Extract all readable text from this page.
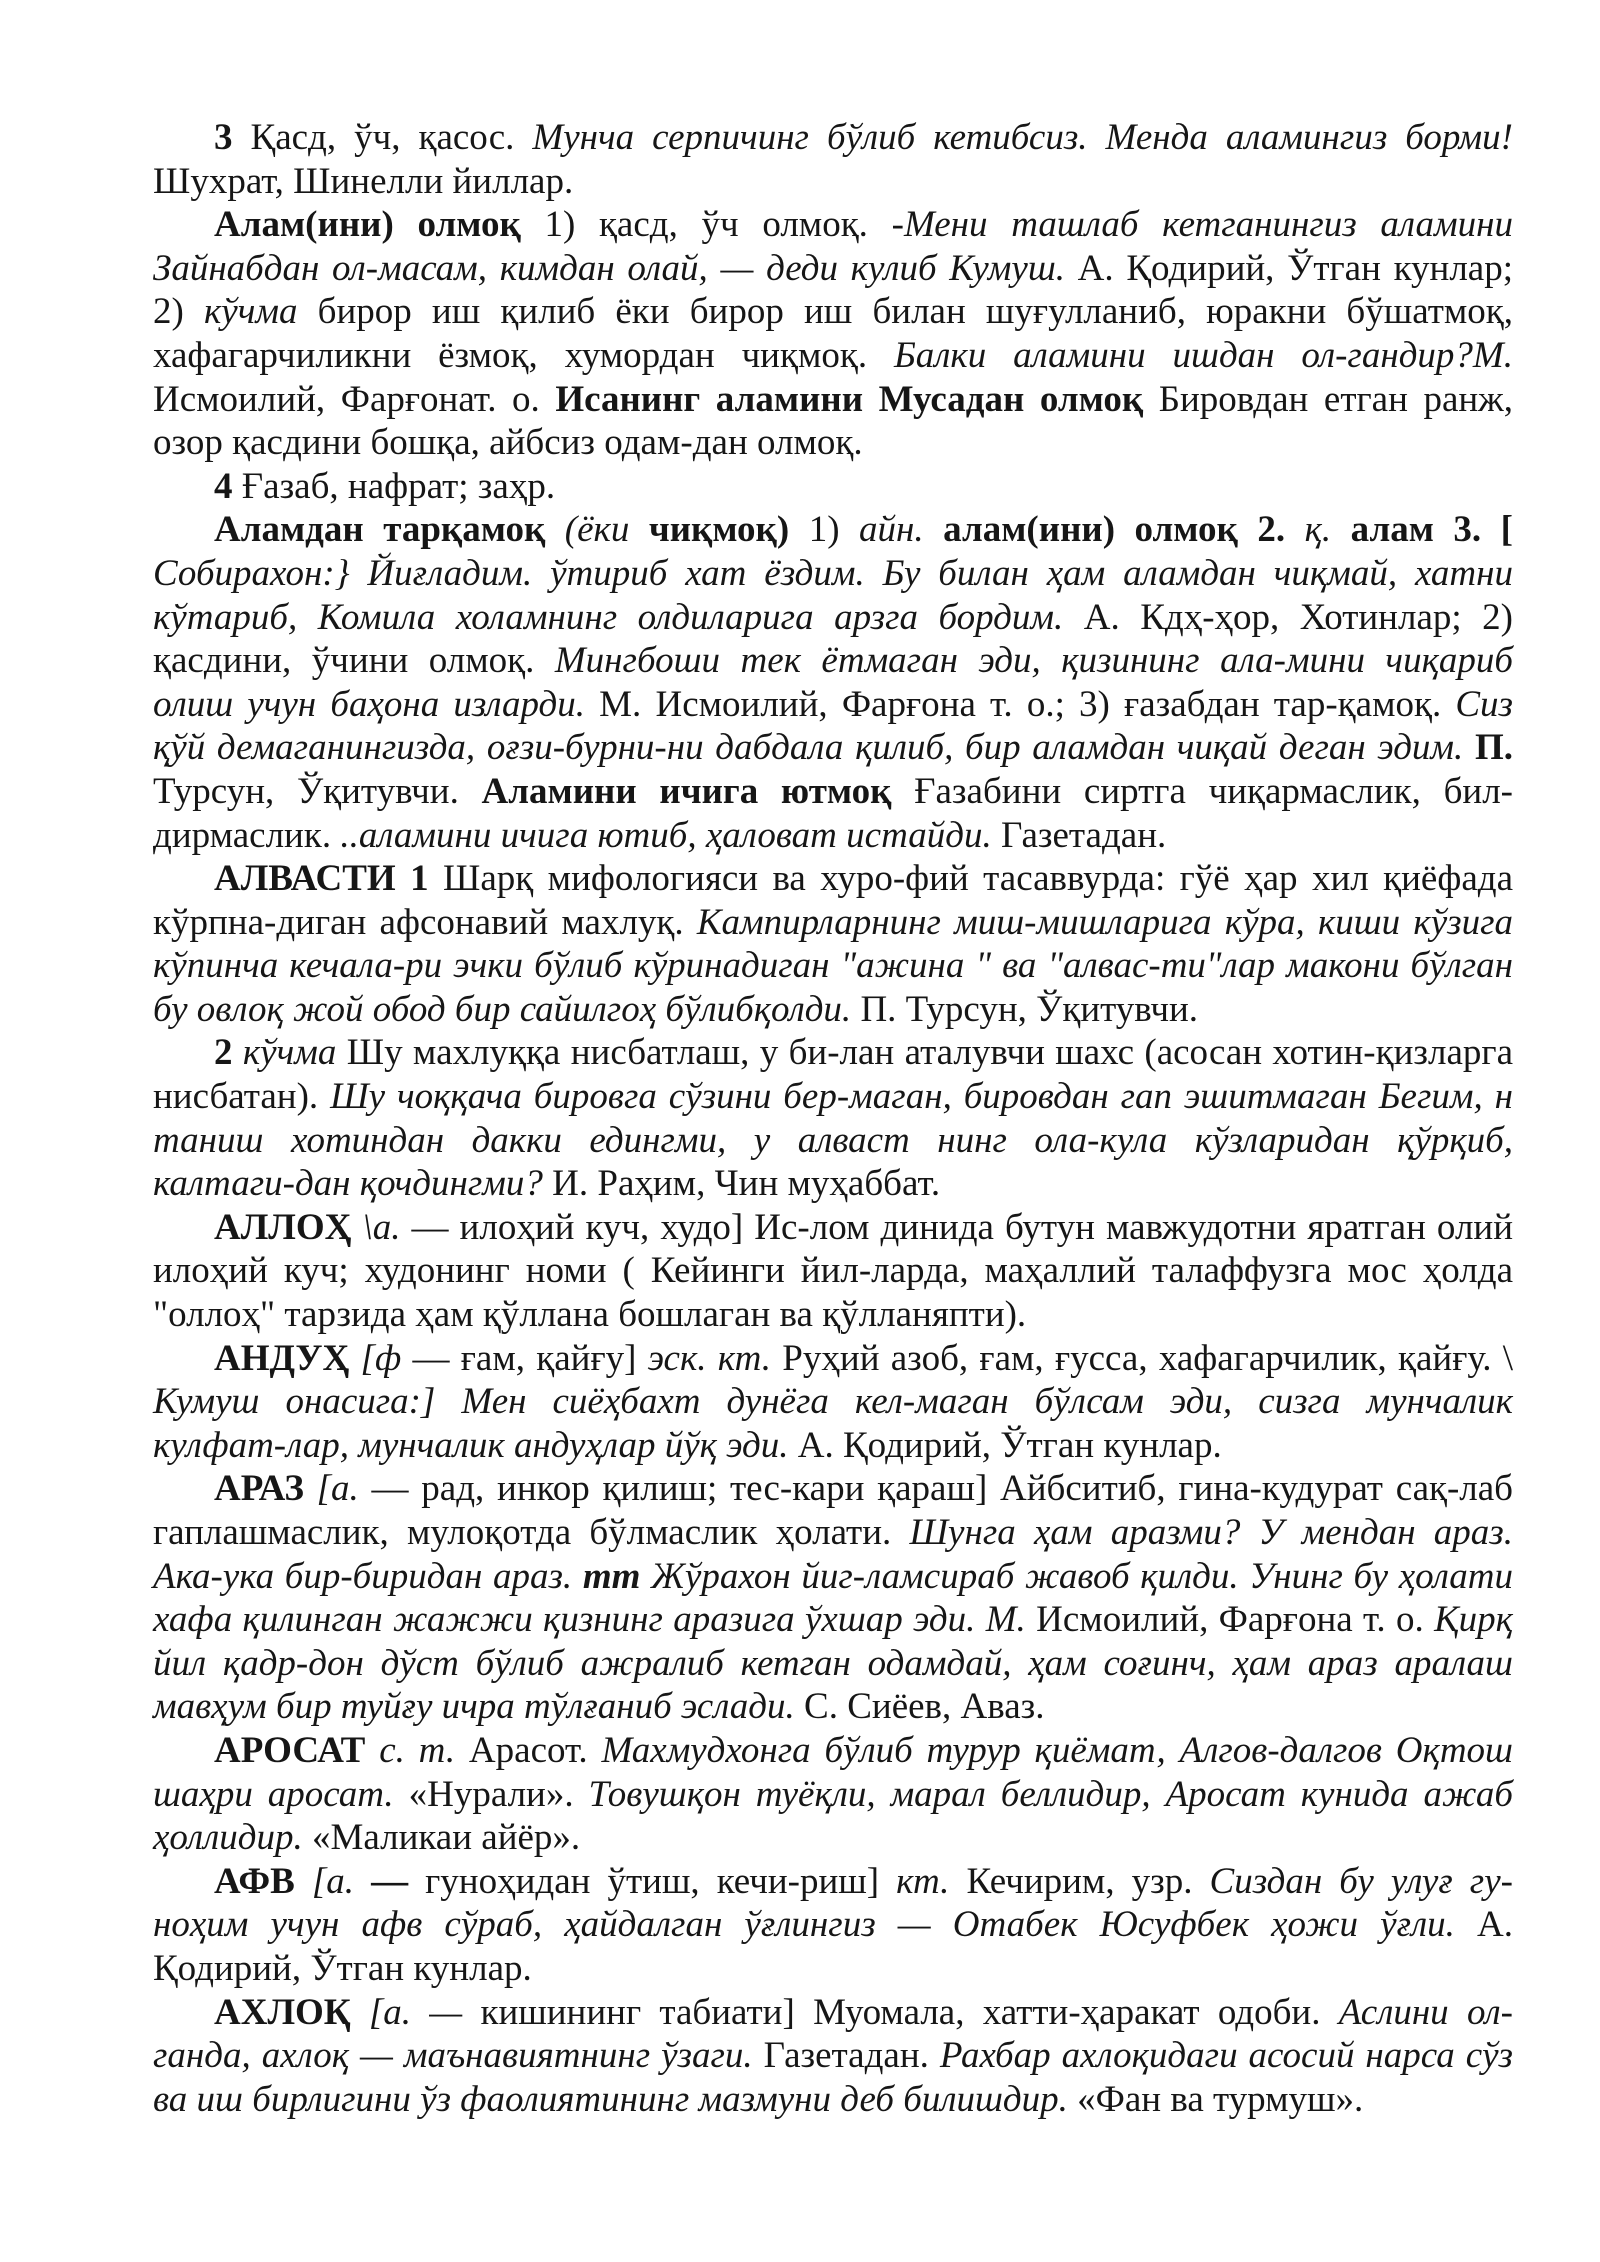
3 Қасд, ўч, қасос. Мунча серпичинг бўлиб кетибсиз. Менда аламингиз борми!
Шухрат, Шинелли йиллар.
Алам(ини) олмоқ 1) қасд, ўч олмоқ. -Мени ташлаб кетганингиз аламини
Зайнабдан ол-масам, кимдан олай, — деди кулиб Кумуш. А. Қодирий, Ўтган кунлар;
2) кўчма бирор иш қилиб ёки бирор иш билан шуғулланиб, юракни бўшатмоқ,
хафагарчиликни ёзмоқ, хумордан чиқмоқ. Балки аламини ишдан ол-гандир?М.
Исмоилий, Фарғонат. о. Исанинг аламини Мусадан олмоқ Бировдан етган ранж,
озор қасдини бошқа, айбсиз одам-дан олмоқ.
4 Ғазаб, нафрат; заҳр.
Аламдан тарқамоқ (ёки чиқмоқ) 1) айн. алам(ини) олмоқ 2. қ. алам 3. [
Собирахон:} Йиғладим. ўтириб хат ёздим. Бу билан ҳам аламдан чиқмай, хатни
кўтариб, Комила холамнинг олдиларига арзга бордим. А. Кдҳ-ҳор, Хотинлар; 2)
қасдини, ўчини олмоқ. Мингбоши тек ётмаган эди, қизининг ала-мини чиқариб
олиш учун баҳона изларди. М. Исмоилий, Фарғона т. о.; 3) ғазабдан тар-қамоқ. Сиз
қўй демаганингизда, оғзи-бурни-ни дабдала қилиб, бир аламдан чиқай деган эдим. П.
Турсун, Ўқитувчи. Аламини ичига ютмоқ Ғазабини сиртга чиқармаслик, бил-
дирмаслик. ..аламини ичига ютиб, ҳаловат истайди. Газетадан.
АЛВАСТИ 1 Шарқ мифологияси ва хуро-фий тасаввурда: гўё ҳар хил қиёфада
кўрпна-диган афсонавий махлуқ. Кампирларнинг миш-мишларига кўра, киши кўзига
кўпинча кечала-ри эчки бўлиб кўринадиган "ажина " ва "алвас-ти"лар макони бўлган
бу овлоқ жой обод бир сайилгоҳ бўлибқолди. П. Турсун, Ўқитувчи.
2 кўчма Шу махлуққа нисбатлаш, у би-лан аталувчи шахс (асосан хотин-қизларга
нисбатан). Шу чоққача бировга сўзини бер-маган, бировдан гап эшитмаган Бегим, н
таниш хотиндан дакки едингми, у алваст нинг ола-кула кўзларидан қўрқиб,
калтаги-дан қочдингми? И. Раҳим, Чин муҳаббат.
АЛЛОҲ \а. — илоҳий куч, худо] Ис-лом динида бутун мавжудотни яратган олий
илоҳий куч; худонинг номи ( Кейинги йил-ларда, маҳаллий талаффузга мос ҳолда
"оллоҳ" тарзида ҳам қўллана бошлаган ва қўлланяпти).
АНДУҲ [ф — ғам, қайғу] эск. кт. Руҳий азоб, ғам, ғусса, хафагарчилик, қайғу. \
Кумуш онасига:] Мен сиёҳбахт дунёга кел-маган бўлсам эди, сизга мунчалик
кулфат-лар, мунчалик андуҳлар йўқ эди. А. Қодирий, Ўтган кунлар.
АРАЗ [а. — рад, инкор қилиш; тес-кари қараш] Айбситиб, гина-кудурат сақ-лаб
гаплашмаслик, мулоқотда бўлмаслик ҳолати. Шунга ҳам аразми? У мендан араз.
Ака-ука бир-биридан араз. тт Жўрахон йиг-ламсираб жавоб қилди. Унинг бу ҳолати
хафа қилинган жажжи қизнинг аразига ўхшар эди. М. Исмоилий, Фарғона т. о. Қирқ
йил қадр-дон дўст бўлиб ажралиб кетган одамдай, ҳам соғинч, ҳам араз аралаш
мавҳум бир туйғу ичра тўлғаниб эслади. С. Сиёев, Аваз.
АРОСАТ с. т. Арасот. Махмудхонга бўлиб турур қиёмат, Алгов-далгов Оқтош
шаҳри аросат. «Нурали». Товушқон туёқли, марал беллидир, Аросат кунида ажаб
ҳоллидир. «Маликаи айёр».
АФВ [а. — гуноҳидан ўтиш, кечи-риш] кт. Кечирим, узр. Сиздан бу улуғ гу-
ноҳим учун афв сўраб, ҳайдалган ўғлингиз — Отабек Юсуфбек ҳожи ўғли. А.
Қодирий, Ўтган кунлар.
АХЛОҚ [а. — кишининг табиати] Муомала, хатти-ҳаракат одоби. Аслини ол-
ганда, ахлоқ — маънавиятнинг ўзаги. Газетадан. Рахбар ахлоқидаги асосий нарса сўз
ва иш бирлигини ўз фаолиятининг мазмуни деб билишдир. «Фан ва турмуш».
